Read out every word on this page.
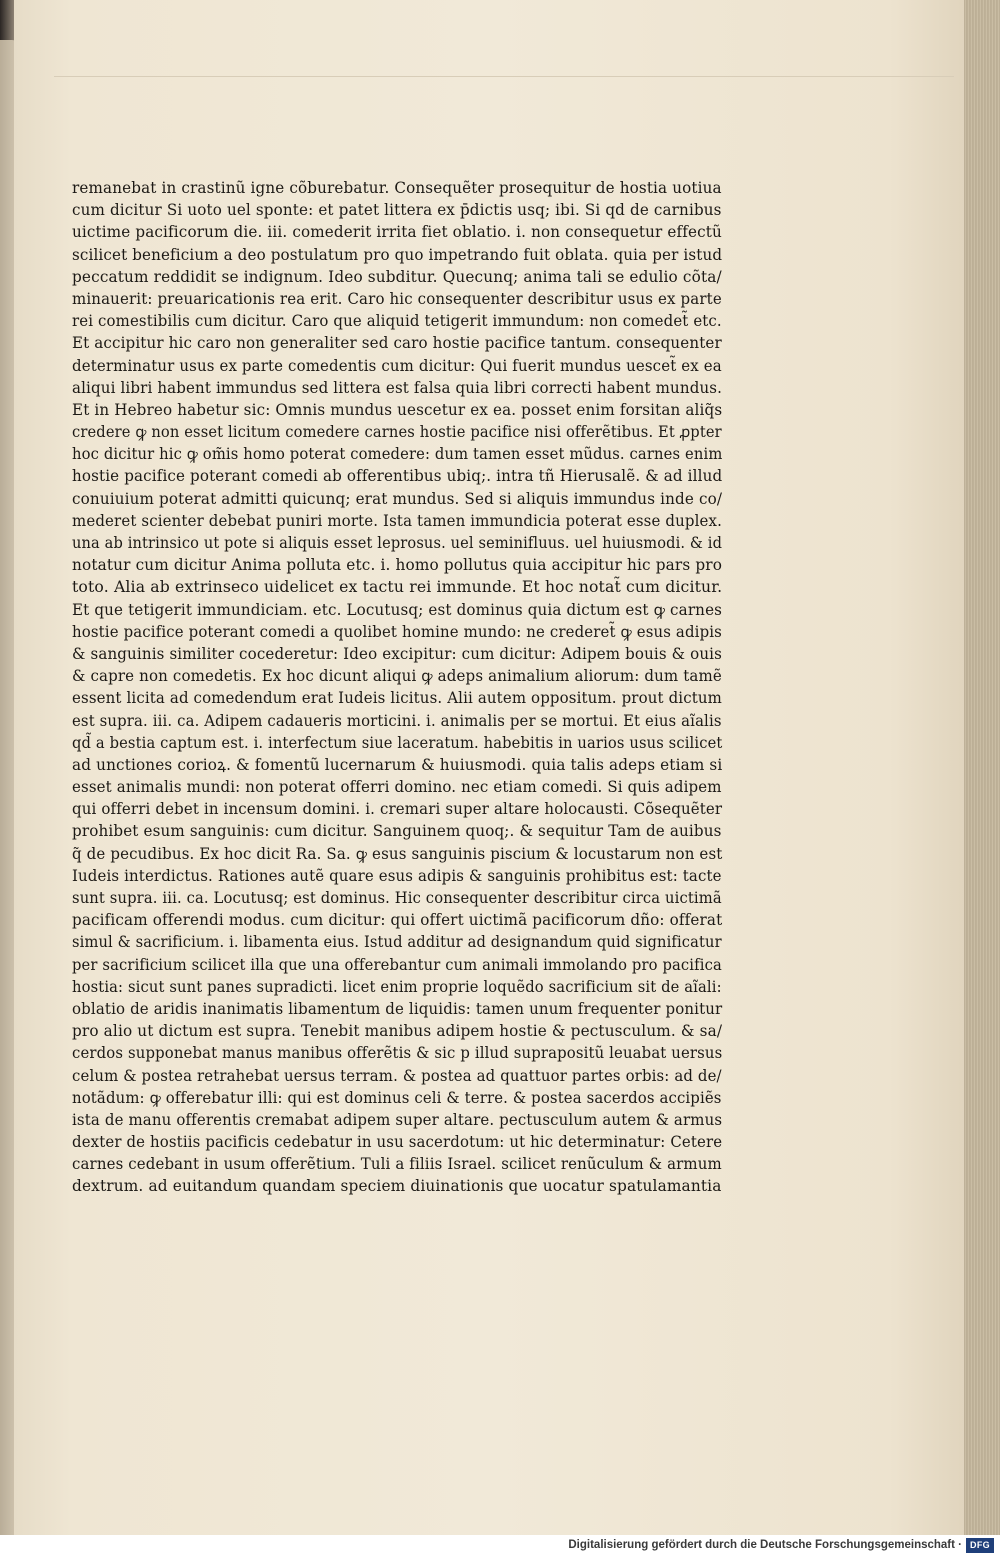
remanebat in crastinũ igne cõburebatur. Consequẽter prosequitur de hostia uotiua
cum dicitur Si uoto uel sponte: et patet littera ex p̄dictis usq; ibi. Si qd de carnibus
uictime pacificorum die. iii. comederit irrita fiet oblatio. i. non consequetur effectũ
scilicet beneficium a deo postulatum pro quo impetrando fuit oblata. quia per istud
peccatum reddidit se indignum. Ideo subditur. Quecunq; anima tali se edulio cõta/
minauerit: preuaricationis rea erit. Caro hic consequenter describitur usus ex parte
rei comestibilis cum dicitur. Caro que aliquid tetigerit immundum: non comedet̃ etc.
Et accipitur hic caro non generaliter sed caro hostie pacifice tantum. consequenter
determinatur usus ex parte comedentis cum dicitur: Qui fuerit mundus uescet̃ ex ea
aliqui libri habent immundus sed littera est falsa quia libri correcti habent mundus.
Et in Hebreo habetur sic: Omnis mundus uescetur ex ea. posset enim forsitan aliq̃s
credere ꝙ non esset licitum comedere carnes hostie pacifice nisi offerẽtibus. Et ꝓpter
hoc dicitur hic ꝙ om̃is homo poterat comedere: dum tamen esset mũdus. carnes enim
hostie pacifice poterant comedi ab offerentibus ubiq;. intra tñ Hierusalẽ. & ad illud
conuiuium poterat admitti quicunq; erat mundus. Sed si aliquis immundus inde co/
mederet scienter debebat puniri morte. Ista tamen immundicia poterat esse duplex.
una ab intrinsico ut pote si aliquis esset leprosus. uel seminifluus. uel huiusmodi. & id
notatur cum dicitur Anima polluta etc. i. homo pollutus quia accipitur hic pars pro
toto. Alia ab extrinseco uidelicet ex tactu rei immunde. Et hoc notat̃ cum dicitur.
Et que tetigerit immundiciam. etc. Locutusq; est dominus quia dictum est ꝙ carnes
hostie pacifice poterant comedi a quolibet homine mundo: ne crederet̃ ꝙ esus adipis
& sanguinis similiter cocederetur: Ideo excipitur: cum dicitur: Adipem bouis & ouis
& capre non comedetis. Ex hoc dicunt aliqui ꝙ adeps animalium aliorum: dum tamẽ
essent licita ad comedendum erat Iudeis licitus. Alii autem oppositum. prout dictum
est supra. iii. ca. Adipem cadaueris morticini. i. animalis per se mortui. Et eius aĩalis
qd̃ a bestia captum est. i. interfectum siue laceratum. habebitis in uarios usus scilicet
ad unctiones corioꝝ. & fomentũ lucernarum & huiusmodi. quia talis adeps etiam si
esset animalis mundi: non poterat offerri domino. nec etiam comedi. Si quis adipem
qui offerri debet in incensum domini. i. cremari super altare holocausti. Cõsequẽter
prohibet esum sanguinis: cum dicitur. Sanguinem quoq;. & sequitur Tam de auibus
q̃ de pecudibus. Ex hoc dicit Ra. Sa. ꝙ esus sanguinis piscium & locustarum non est
Iudeis interdictus. Rationes autẽ quare esus adipis & sanguinis prohibitus est: tacte
sunt supra. iii. ca. Locutusq; est dominus. Hic consequenter describitur circa uictimã
pacificam offerendi modus. cum dicitur: qui offert uictimã pacificorum dño: offerat
simul & sacrificium. i. libamenta eius. Istud additur ad designandum quid significatur
per sacrificium scilicet illa que una offerebantur cum animali immolando pro pacifica
hostia: sicut sunt panes supradicti. licet enim proprie loquẽdo sacrificium sit de aĩali:
oblatio de aridis inanimatis libamentum de liquidis: tamen unum frequenter ponitur
pro alio ut dictum est supra. Tenebit manibus adipem hostie & pectusculum. & sa/
cerdos supponebat manus manibus offerẽtis & sic p illud suprapositũ leuabat uersus
celum & postea retrahebat uersus terram. & postea ad quattuor partes orbis: ad de/
notãdum: ꝙ offerebatur illi: qui est dominus celi & terre. & postea sacerdos accipiẽs
ista de manu offerentis cremabat adipem super altare. pectusculum autem & armus
dexter de hostiis pacificis cedebatur in usu sacerdotum: ut hic determinatur: Cetere
carnes cedebant in usum offerẽtium. Tuli a filiis Israel. scilicet renũculum & armum
dextrum. ad euitandum quandam speciem diuinationis que uocatur spatulamantia
Digitalisierung gefördert durch die Deutsche Forschungsgemeinschaft · DFG
